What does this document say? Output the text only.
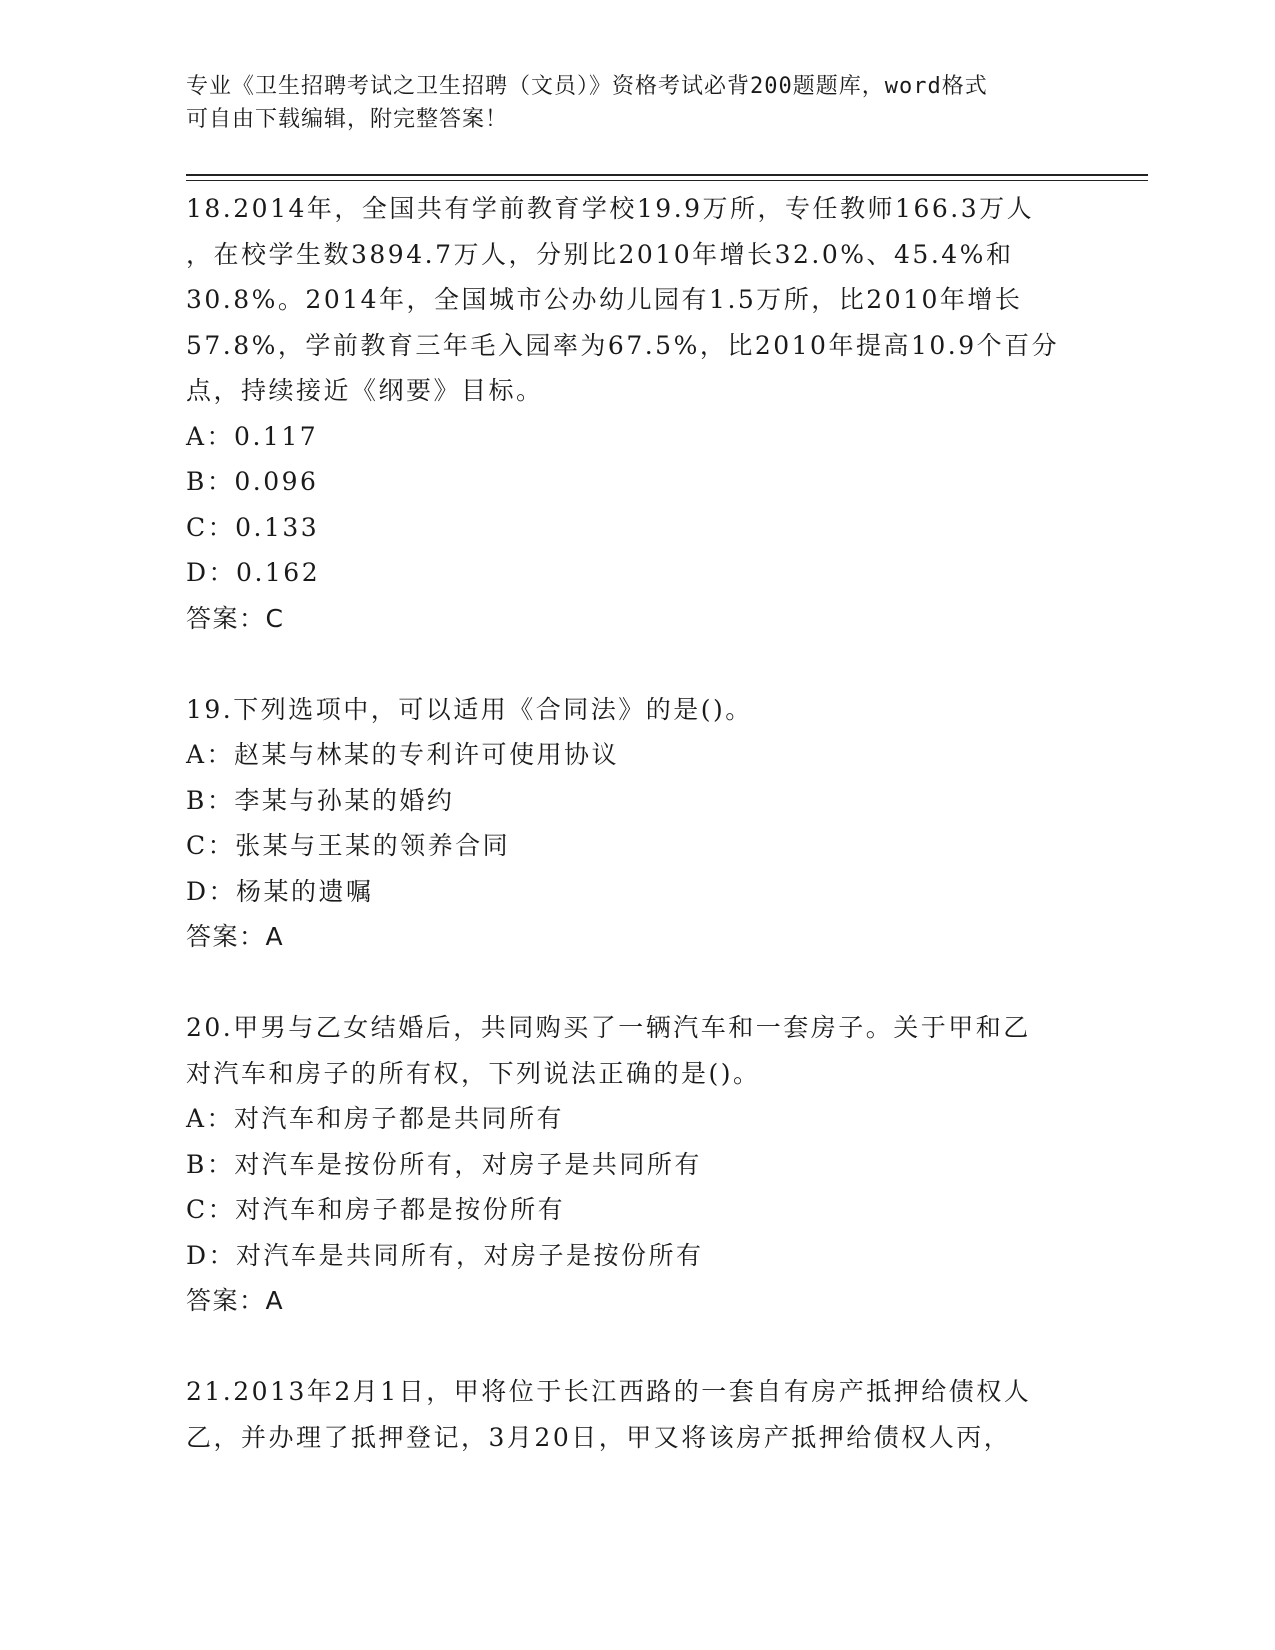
专业《卫生招聘考试之卫生招聘（文员）》资格考试必背200题题库，word格式
可自由下载编辑，附完整答案！
18.2014年，全国共有学前教育学校19.9万所，专任教师166.3万人
，在校学生数3894.7万人，分别比2010年增长32.0%、45.4%和
30.8%。2014年，全国城市公办幼儿园有1.5万所，比2010年增长
57.8%，学前教育三年毛入园率为67.5%，比2010年提高10.9个百分
点，持续接近《纲要》目标。
A：0.117
B：0.096
C：0.133
D：0.162
答案：C
19.下列选项中，可以适用《合同法》的是()。
A：赵某与林某的专利许可使用协议
B：李某与孙某的婚约
C：张某与王某的领养合同
D：杨某的遗嘱
答案：A
20.甲男与乙女结婚后，共同购买了一辆汽车和一套房子。关于甲和乙
对汽车和房子的所有权，下列说法正确的是()。
A：对汽车和房子都是共同所有
B：对汽车是按份所有，对房子是共同所有
C：对汽车和房子都是按份所有
D：对汽车是共同所有，对房子是按份所有
答案：A
21.2013年2月1日，甲将位于长江西路的一套自有房产抵押给债权人
乙，并办理了抵押登记，3月20日，甲又将该房产抵押给债权人丙，
